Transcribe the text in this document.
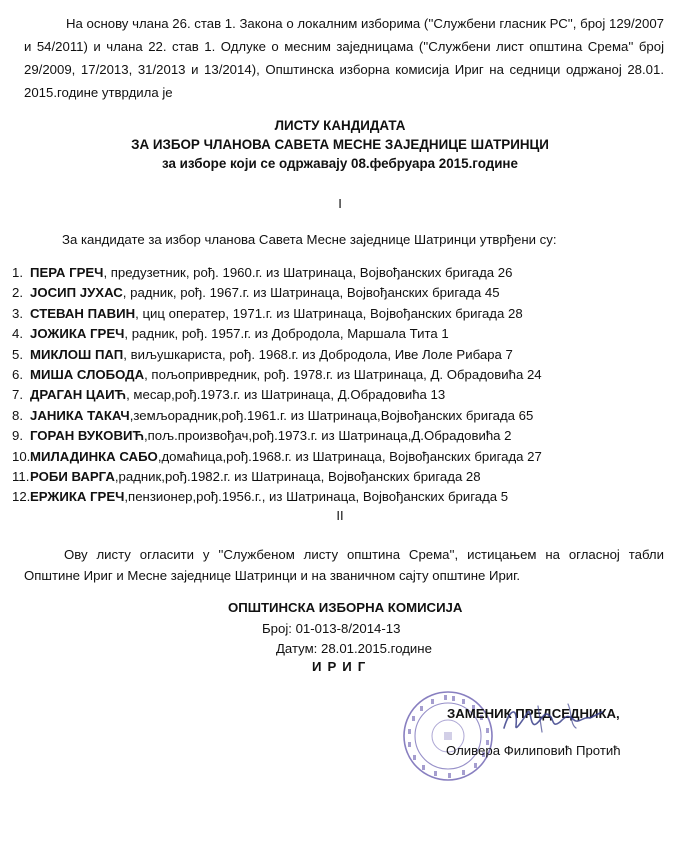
На основу члана 26. став 1. Закона о локалним изборима (''Службени гласник РС'', број 129/2007 и 54/2011) и члана 22. став 1. Одлуке о месним заједницама (''Службени лист општина Срема'' број 29/2009, 17/2013, 31/2013 и 13/2014), Општинска изборна комисија Ириг на седници одржаној 28.01. 2015.године утврдила је

ЛИСТУ КАНДИДАТА

ЗА ИЗБОР ЧЛАНОВА САВЕТА МЕСНЕ ЗАЈЕДНИЦЕ ШАТРИНЦИ

за изборе који се одржавају 08.фебруара 2015.године

I

За кандидате за избор чланова Савета Месне заједнице Шатринци утврђени су:

1. ПЕРА ГРЕЧ, предузетник, рођ. 1960.г. из Шатринаца, Војвођанских бригада 26
2. ЈОСИП ЈУХАС, радник, рођ. 1967.г. из Шатринаца, Војвођанских бригада 45
3. СТЕВАН ПАВИН, циц оператер, 1971.г. из Шатринаца, Војвођанских бригада 28
4. ЈОЖИКА ГРЕЧ, радник, рођ. 1957.г. из Добродола, Маршала Тита 1
5. МИКЛОШ ПАП, виљушкариста, рођ. 1968.г. из Добродола, Иве Лоле Рибара 7
6. МИША СЛОБОДА, пољопривредник, рођ. 1978.г. из Шатринаца, Д. Обрадовића 24
7. ДРАГАН ЦАИЋ, месар,рођ.1973.г. из Шатринаца, Д.Обрадовића 13
8. ЈАНИКА ТАКАЧ,земљорадник,рођ.1961.г. из Шатринаца,Војвођанских бригада 65
9. ГОРАН ВУКОВИЋ,пољ.произвођач,рођ.1973.г. из Шатринаца,Д.Обрадовића 2
10.МИЛАДИНКА САБО,домаћица,рођ.1968.г. из Шатринаца, Војвођанских бригада 27
11.РОБИ ВАРГА,радник,рођ.1982.г. из Шатринаца, Војвођанских бригада 28
12.ЕРЖИКА ГРЕЧ,пензионер,рођ.1956.г., из Шатринаца, Војвођанских бригада 5
II

Ову листу огласити у ''Службеном листу општина Срема'', истицањем на огласној табли Општине Ириг и Месне заједнице Шатринци и на званичном сајту општине Ириг.

ОПШТИНСКА ИЗБОРНА КОМИСИЈА

Број: 01-013-8/2014-13

Датум: 28.01.2015.године

ИРИГ

ЗАМЕНИК ПРЕДСЕДНИКА,

Оливера Филиповић Протић
